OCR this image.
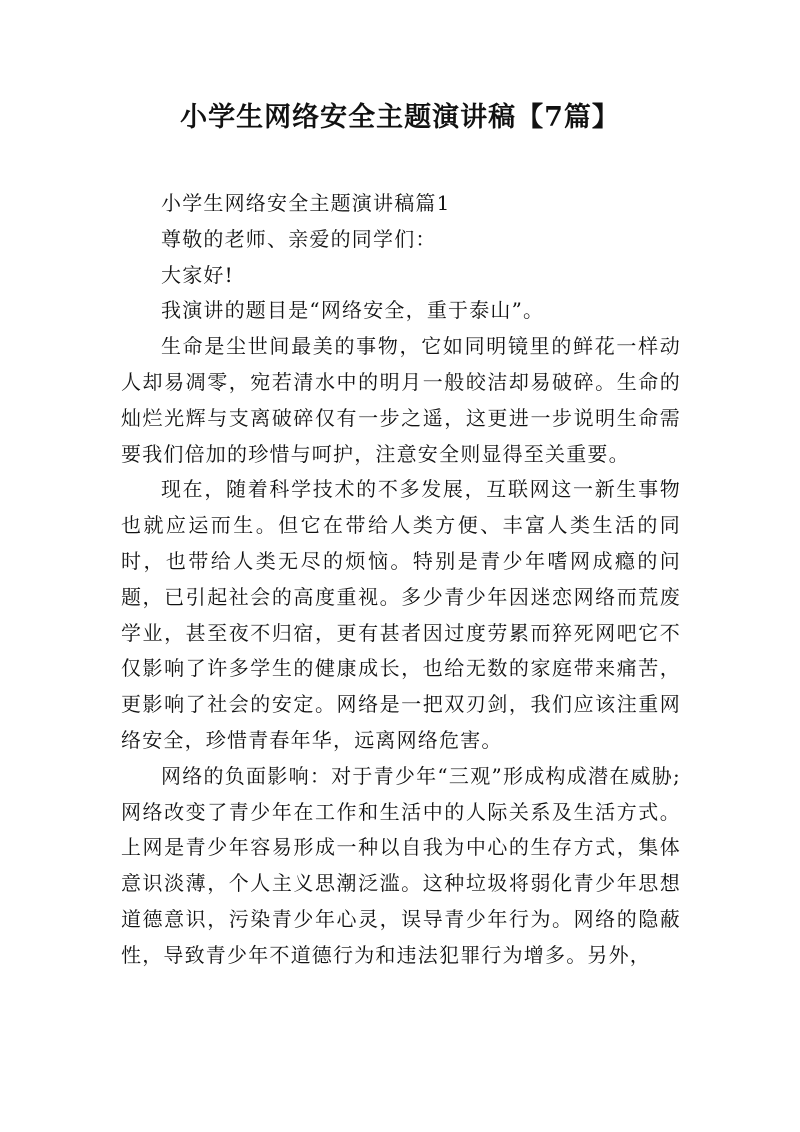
小学生网络安全主题演讲稿【7篇】

小学生网络安全主题演讲稿篇1

尊敬的老师、亲爱的同学们：

大家好!

我演讲的题目是“网络安全，重于泰山”。

生命是尘世间最美的事物，它如同明镜里的鲜花一样动人却易凋零，宛若清水中的明月一般皎洁却易破碎。生命的灿烂光辉与支离破碎仅有一步之遥，这更进一步说明生命需要我们倍加的珍惜与呵护，注意安全则显得至关重要。

现在，随着科学技术的不多发展，互联网这一新生事物也就应运而生。但它在带给人类方便、丰富人类生活的同时，也带给人类无尽的烦恼。特别是青少年嗜网成瘾的问题，已引起社会的高度重视。多少青少年因迷恋网络而荒废学业，甚至夜不归宿，更有甚者因过度劳累而猝死网吧它不仅影响了许多学生的健康成长，也给无数的家庭带来痛苦，更影响了社会的安定。网络是一把双刃剑，我们应该注重网络安全，珍惜青春年华，远离网络危害。

网络的负面影响：对于青少年“三观”形成构成潜在威胁;网络改变了青少年在工作和生活中的人际关系及生活方式。上网是青少年容易形成一种以自我为中心的生存方式，集体意识淡薄，个人主义思潮泛滥。这种垃圾将弱化青少年思想道德意识，污染青少年心灵，误导青少年行为。网络的隐蔽性，导致青少年不道德行为和违法犯罪行为增多。另外，
